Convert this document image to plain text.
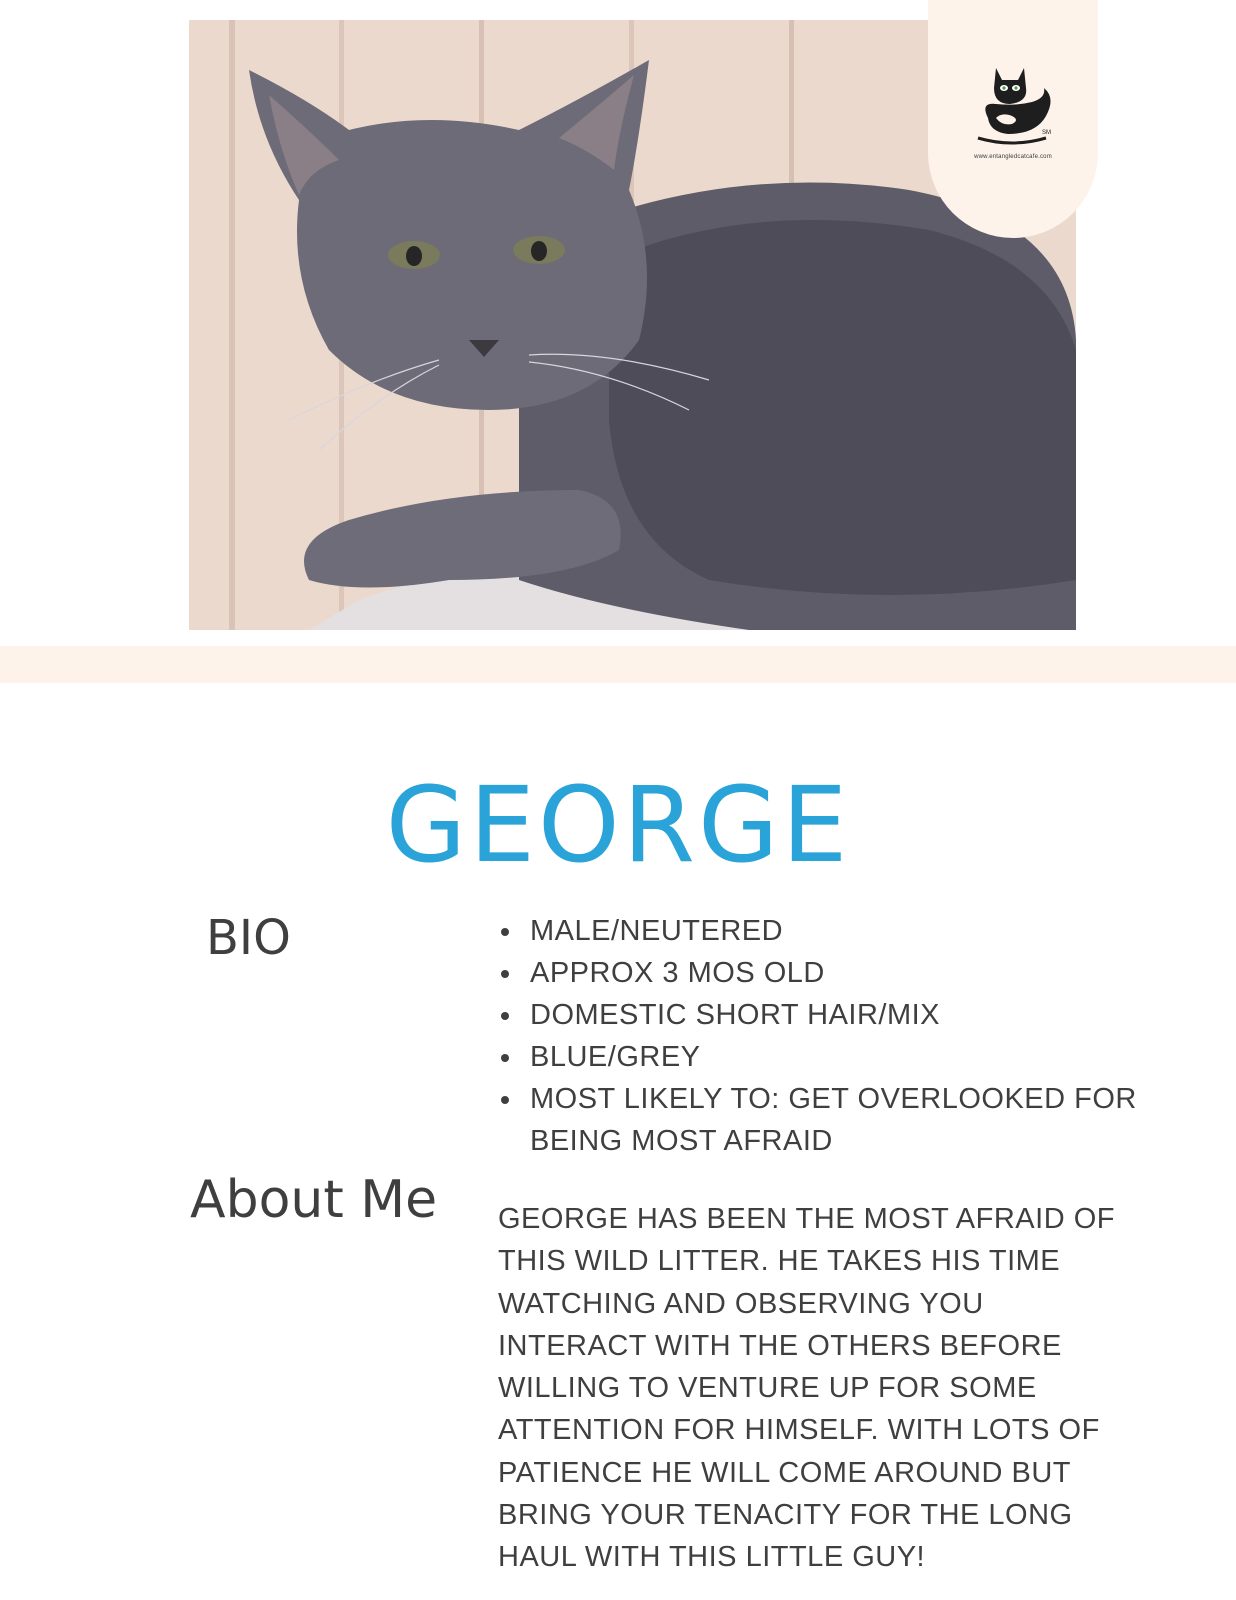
SM
www.entangledcatcafe.com
GEORGE
BIO
•	MALE/NEUTERED
• APPROX 3 MOS OLD
• DOMESTIC SHORT HAIR/MIX
• BLUE/GREY
• MOST LIKELY TO: GET OVERLOOKED FOR BEING MOST AFRAID
About Me GEORGE HAS BEEN THE MOST AFRAID OF THIS WILD LITTER. HE TAKES HIS TIME WATCHING AND OBSERVING YOU INTERACT WITH THE OTHERS BEFORE WILLING TO VENTURE UP FOR SOME ATTENTION FOR HIMSELF. WITH LOTS OF PATIENCE HE WILL COME AROUND BUT BRING YOUR TENACITY FOR THE LONG HAUL WITH THIS LITTLE GUY!
